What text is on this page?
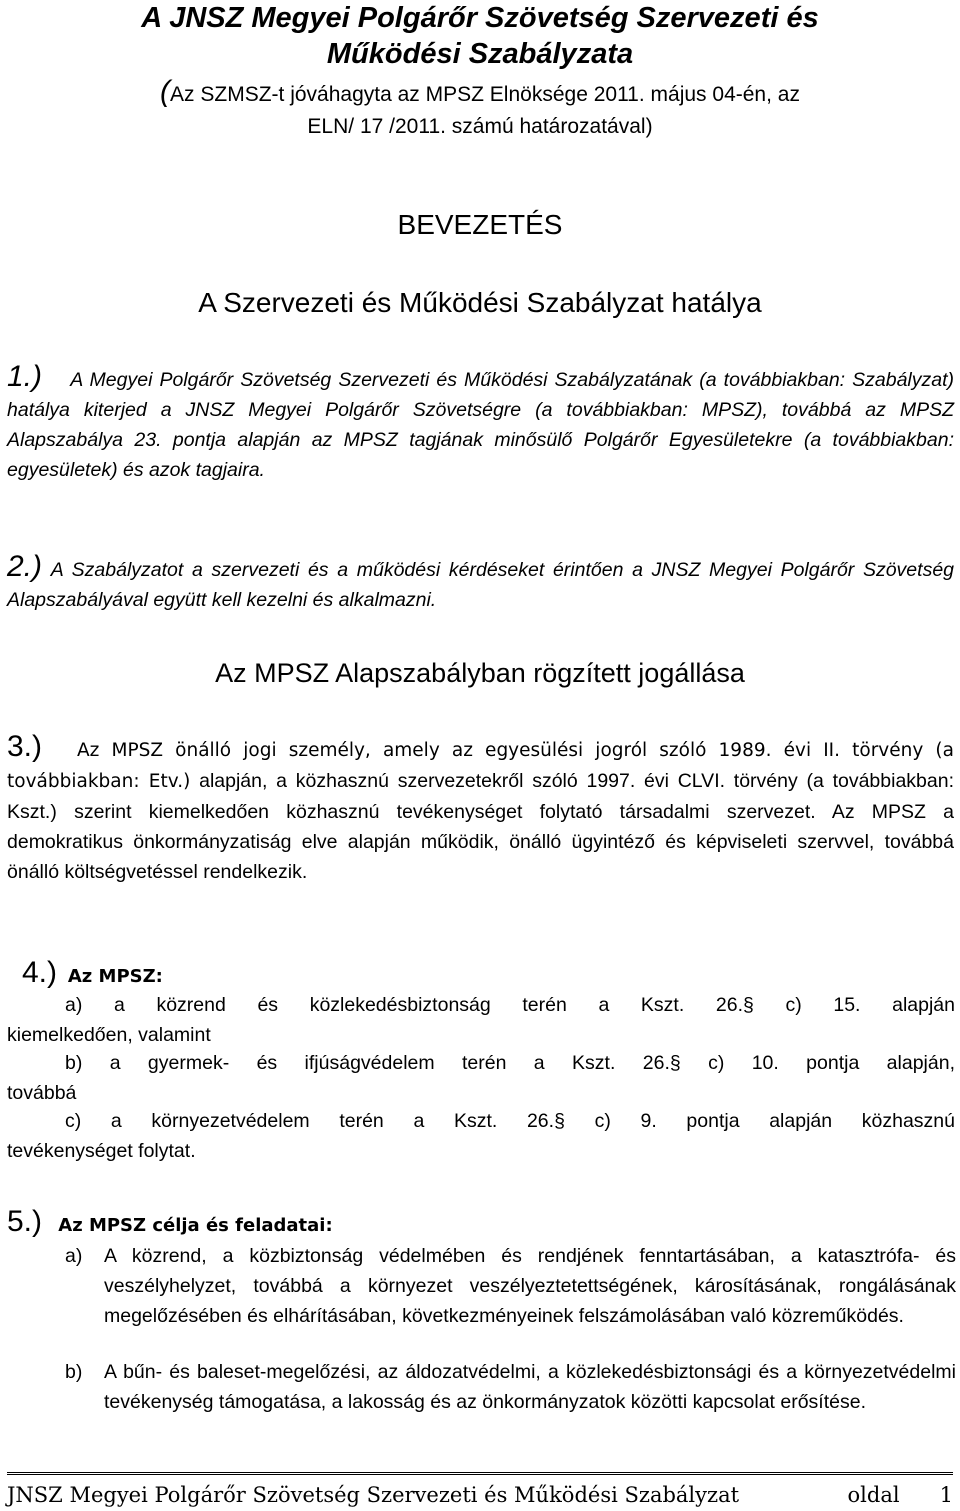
A JNSZ Megyei Polgárőr Szövetség Szervezeti és
Működési Szabályzata
(Az SZMSZ-t jóváhagyta az MPSZ Elnöksége 2011. május 04-én, az
ELN/ 17 /2011. számú határozatával)
BEVEZETÉS
A Szervezeti és Működési Szabályzat hatálya
1.) A Megyei Polgárőr Szövetség Szervezeti és Működési Szabályzatának (a továbbiakban: Szabályzat) hatálya kiterjed a JNSZ Megyei Polgárőr Szövetségre (a továbbiakban: MPSZ), továbbá az MPSZ Alapszabálya 23. pontja alapján az MPSZ tagjának minősülő Polgárőr Egyesületekre (a továbbiakban: egyesületek) és azok tagjaira.
2.) A Szabályzatot a szervezeti és a működési kérdéseket érintően a JNSZ Megyei Polgárőr Szövetség Alapszabályával együtt kell kezelni és alkalmazni.
Az MPSZ Alapszabályban rögzített jogállása
3.) Az MPSZ önálló jogi személy, amely az egyesülési jogról szóló 1989. évi II. törvény (a továbbiakban: Etv.) alapján, a közhasznú szervezetekről szóló 1997. évi CLVI. törvény (a továbbiakban: Kszt.) szerint kiemelkedően közhasznú tevékenységet folytató társadalmi szervezet. Az MPSZ a demokratikus önkormányzatiság elve alapján működik, önálló ügyintéző és képviseleti szervvel, továbbá önálló költségvetéssel rendelkezik.
4.) Az MPSZ:
a) a közrend és közlekedésbiztonság terén a Kszt. 26.§ c) 15. alapján
kiemelkedően, valamint
b) a gyermek- és ifjúságvédelem terén a Kszt. 26.§ c) 10. pontja alapján,
továbbá
c) a környezetvédelem terén a Kszt. 26.§ c) 9. pontja alapján közhasznú
tevékenységet folytat.
5.) Az MPSZ célja és feladatai:
a)	A közrend, a közbiztonság védelmében és rendjének fenntartásában, a katasztrófa- és veszélyhelyzet, továbbá a környezet veszélyeztetettségének, károsításának, rongálásának megelőzésében és elhárításában, következményeinek felszámolásában való közreműködés.
b)	A bűn- és baleset-megelőzési, az áldozatvédelmi, a közlekedésbiztonsági és a környezetvédelmi tevékenység támogatása, a lakosság és az önkormányzatok közötti kapcsolat erősítése.
JNSZ Megyei Polgárőr Szövetség Szervezeti és Működési Szabályzat	oldal 1
